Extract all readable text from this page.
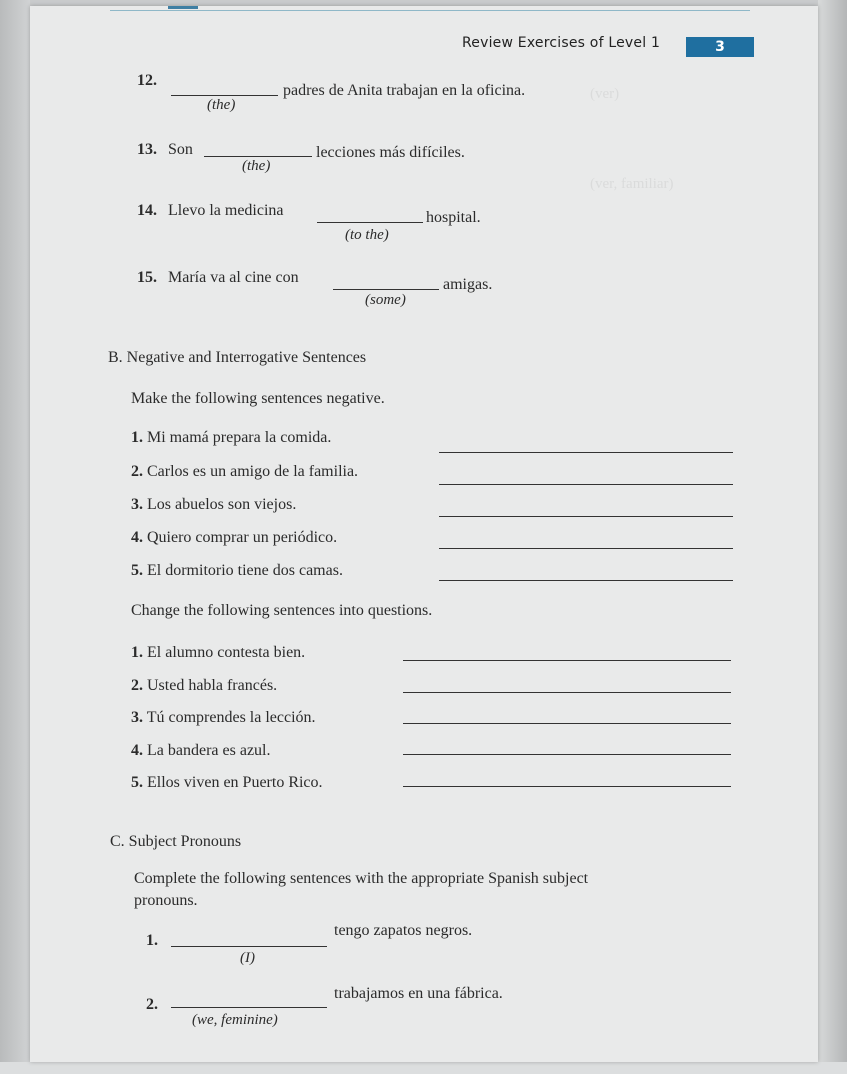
Review Exercises of Level 1	3
(ver)
(ver, familiar)
12.
(the)
padres de Anita trabajan en la oficina.
13. Son
(the)
lecciones más difíciles.
14. Llevo la medicina
(to the)
hospital.
15. María va al cine con
(some)
amigas.
B. Negative and Interrogative Sentences
Make the following sentences negative.
1. Mi mamá prepara la comida.
2. Carlos es un amigo de la familia.
3. Los abuelos son viejos.
4. Quiero comprar un periódico.
5. El dormitorio tiene dos camas.
Change the following sentences into questions.
1. El alumno contesta bien.
2. Usted habla francés.
3. Tú comprendes la lección.
4. La bandera es azul.
5. Ellos viven en Puerto Rico.
C. Subject Pronouns
Complete the following sentences with the appropriate Spanish subject
pronouns.
1.
(I)
tengo zapatos negros.
2.
(we, feminine)
trabajamos en una fábrica.
